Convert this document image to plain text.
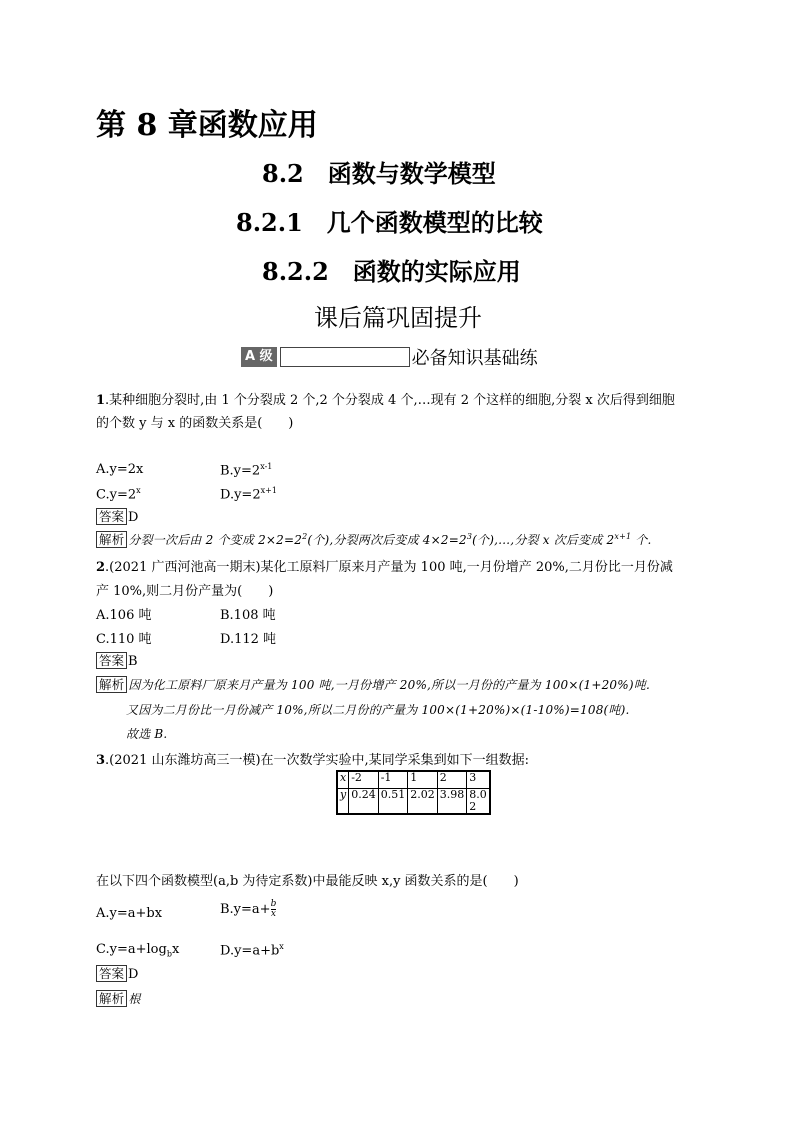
第 8 章函数应用
8.2　函数与数学模型
8.2.1　几个函数模型的比较
8.2.2　函数的实际应用
课后篇巩固提升
A 级	必备知识基础练
1.某种细胞分裂时,由 1 个分裂成 2 个,2 个分裂成 4 个,…现有 2 个这样的细胞,分裂 x 次后得到细胞
的个数 y 与 x 的函数关系是(　　)
A.y=2x	$B.y=2^{x-1}$
$C.y=2^x$	$D.y=2^{x+1}$
答案 D
解析 分裂一次后由 2 个变成 $2\times 2=2^2$(个),分裂两次后变成 $4\times 2=2^3$(个),…,分裂 x 次后变成 $2^{x+1}$ 个.
2.(2021 广西河池高一期末)某化工原料厂原来月产量为 100 吨,一月份增产 20%,二月份比一月份减
产 10%,则二月份产量为(　　)
A.106 吨	B.108 吨
C.110 吨	D.112 吨
答案 B
解析 因为化工原料厂原来月产量为 100 吨,一月份增产 20%,所以一月份的产量为 100×(1+20%)吨.
又因为二月份比一月份减产 10%,所以二月份的产量为 100×(1+20%)×(1-10%)=108(吨).
故选 B.
3.(2021 山东潍坊高三一模)在一次数学实验中,某同学采集到如下一组数据:
x	-2	-1	1	2	3
y	0.24	0.51	2.02	3.98	8.0
2
在以下四个函数模型(a,b 为待定系数)中最能反映 x,y 函数关系的是(　　)
A.y=a+bx	$B.y=a+ \frac{b}{x}$
$C.y=a+\log_bx$	$D.y=a+b^x$
答案 D
解析 根
